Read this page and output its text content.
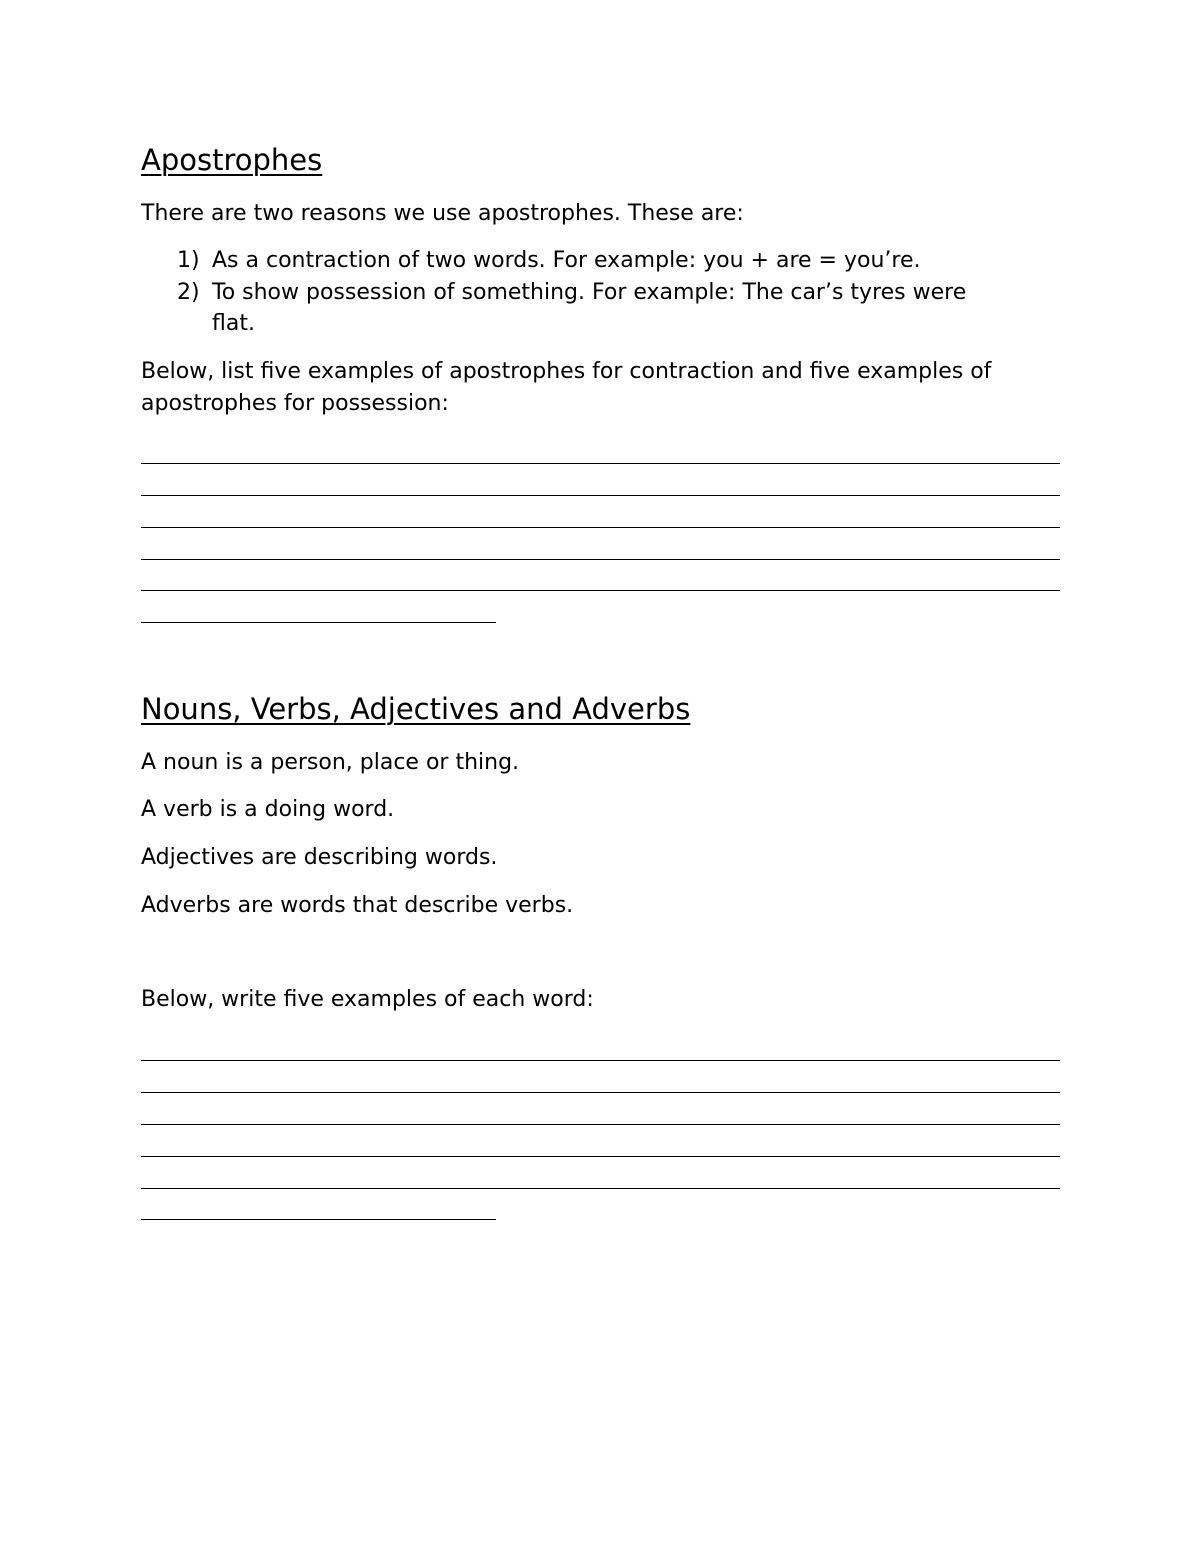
Apostrophes
There are two reasons we use apostrophes. These are:
1) As a contraction of two words. For example: you + are = you’re.
2) To show possession of something. For example: The car’s tyres were
flat.
Below, list five examples of apostrophes for contraction and five examples of
apostrophes for possession:
Nouns, Verbs, Adjectives and Adverbs
A noun is a person, place or thing.
A verb is a doing word.
Adjectives are describing words.
Adverbs are words that describe verbs.
Below, write five examples of each word:
